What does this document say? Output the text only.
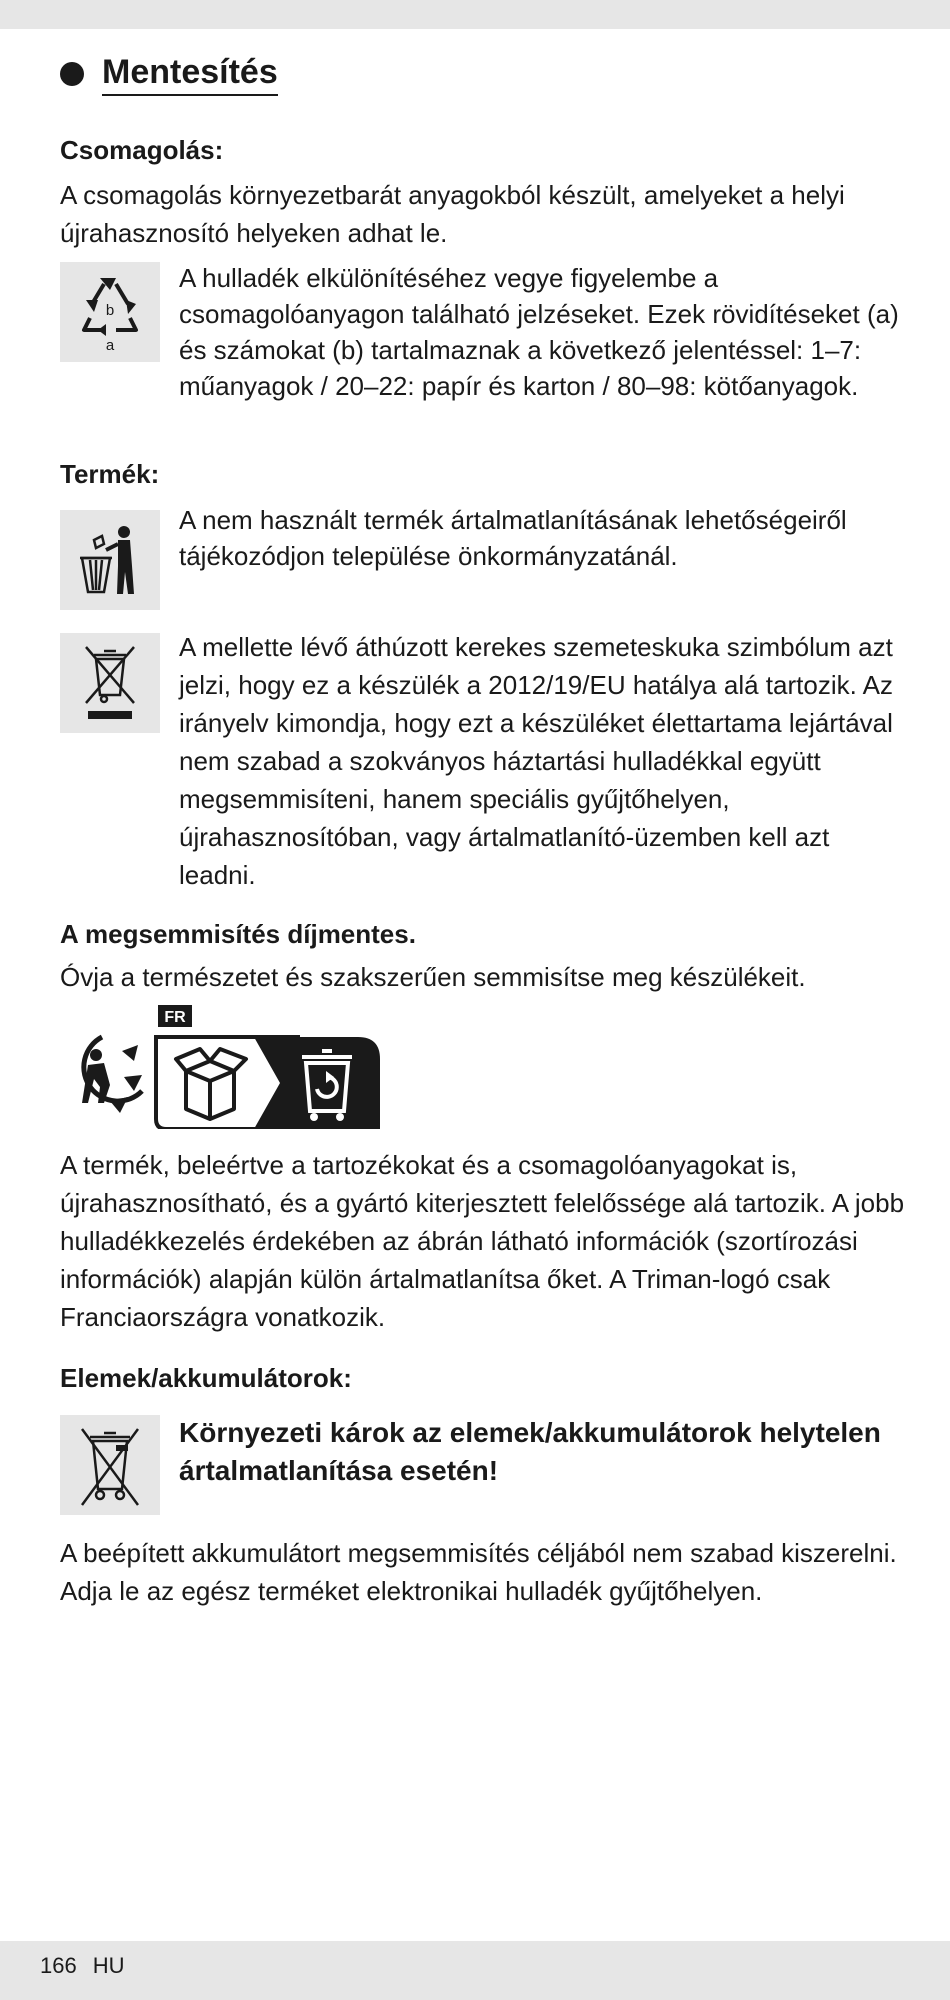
Mentesítés
Csomagolás:
A csomagolás környezetbarát anyagokból készült, amelyeket a helyi újrahasznosító helyeken adhat le.
b
a
A hulladék elkülönítéséhez vegye figyelembe a csomagolóanyagon található jelzéseket. Ezek rövidítéseket (a) és számokat (b) tartalmaznak a következő jelentéssel: 1–7: műanyagok / 20–22: papír és karton / 80–98: kötőanyagok.
Termék:
A nem használt termék ártalmatlanításának lehetőségeiről tájékozódjon települése önkormányzatánál.
A mellette lévő áthúzott kerekes szemeteskuka szimbólum azt jelzi, hogy ez a készülék a 2012/19/EU hatálya alá tartozik. Az irányelv kimondja, hogy ezt a készüléket élettartama lejártával nem szabad a szokványos háztartási hulladékkal együtt megsemmisíteni, hanem speciális gyűjtőhelyen, újrahasznosítóban, vagy ártalmatlanító-üzemben kell azt leadni.
A megsemmisítés díjmentes.
Óvja a természetet és szakszerűen semmisítse meg készülékeit.
FR
A termék, beleértve a tartozékokat és a csomagolóanyagokat is, újrahasznosítható, és a gyártó kiterjesztett felelőssége alá tartozik. A jobb hulladékkezelés érdekében az ábrán látható információk (szortírozási információk) alapján külön ártalmatlanítsa őket. A Triman-logó csak Franciaországra vonatkozik.
Elemek/akkumulátorok:
Környezeti károk az elemek/akkumulátorok helytelen ártalmatlanítása esetén!
A beépített akkumulátort megsemmisítés céljából nem szabad kiszerelni. Adja le az egész terméket elektronikai hulladék gyűjtőhelyen.
166 HU
